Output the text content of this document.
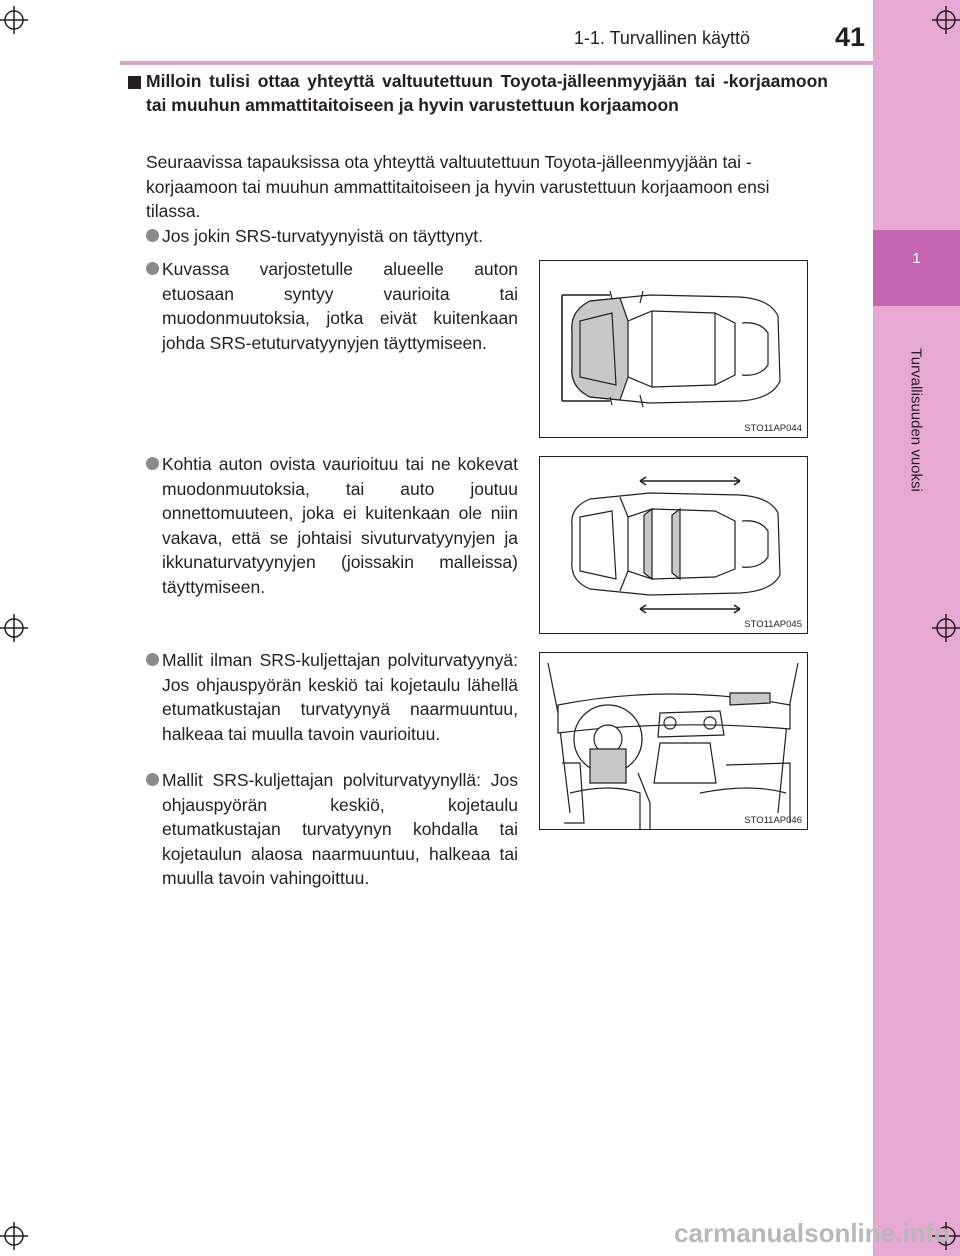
1
Turvallisuuden vuoksi
1-1. Turvallinen käyttö	41

Milloin tulisi ottaa yhteyttä valtuutettuun Toyota-jälleenmyyjään tai -korjaamoon tai muuhun ammattitaitoiseen ja hyvin varustettuun korjaamoon

Seuraavissa tapauksissa ota yhteyttä valtuutettuun Toyota-jälleenmyyjään tai -korjaamoon tai muuhun ammattitaitoiseen ja hyvin varustettuun korjaamoon ensi tilassa.

Jos jokin SRS-turvatyynyistä on täyttynyt.
Kuvassa varjostetulle alueelle auton etuosaan syntyy vaurioita tai muodonmuutoksia, jotka eivät kuitenkaan johda SRS-etuturvatyynyjen täyttymiseen.
Kohtia auton ovista vaurioituu tai ne kokevat muodonmuutoksia, tai auto joutuu onnettomuuteen, joka ei kuitenkaan ole niin vakava, että se johtaisi sivuturvatyynyjen ja ikkunaturvatyynyjen (joissakin malleissa) täyttymiseen.
Mallit ilman SRS-kuljettajan polviturvatyynyä: Jos ohjauspyörän keskiö tai kojetaulu lähellä etumatkustajan turvatyynyä naarmuuntuu, halkeaa tai muulla tavoin vaurioituu.
Mallit SRS-kuljettajan polviturvatyynyllä: Jos ohjauspyörän keskiö, kojetaulu etumatkustajan turvatyynyn kohdalla tai kojetaulun alaosa naarmuuntuu, halkeaa tai muulla tavoin vahingoittuu.
STO11AP044
STO11AP045
STO11AP046
carmanualsonline.info
